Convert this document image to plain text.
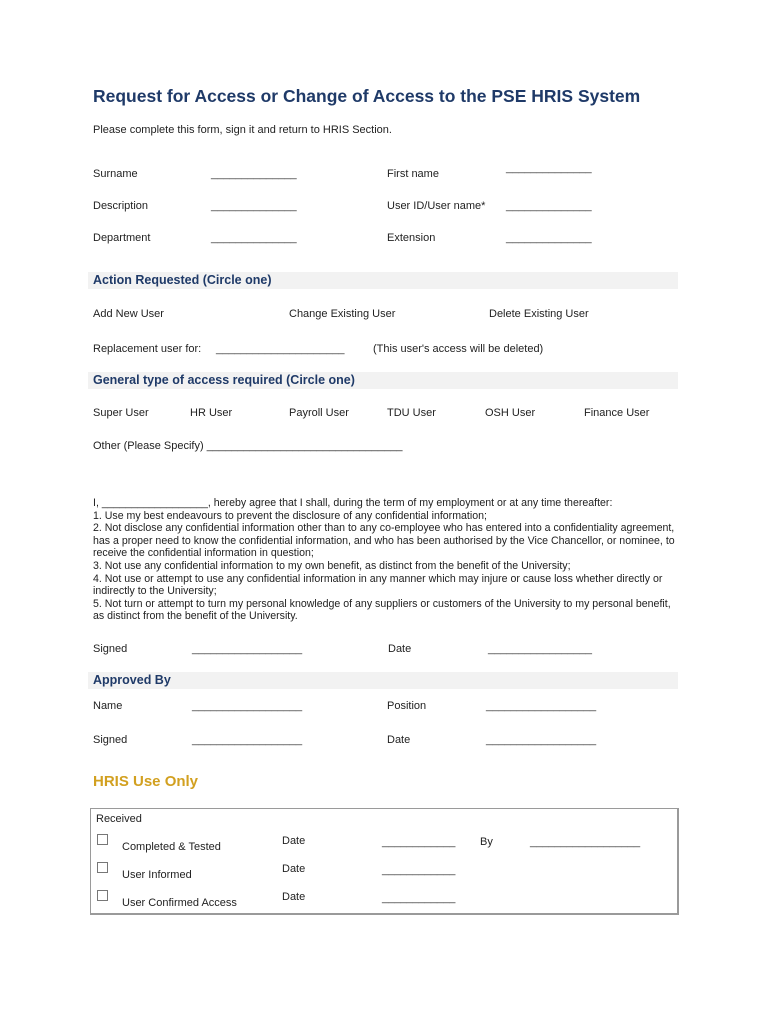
Request for Access or Change of Access to the PSE HRIS System
Please complete this form, sign it and return to HRIS Section.
Surname	______________	First name	______________
Description	______________	User ID/User name* ______________
Department	______________	Extension	______________
Action Requested (Circle one)
Add New User	Change Existing User	Delete Existing User
Replacement user for: _____________________	(This user's access will be deleted)
General type of access required (Circle one)
Super User	HR User	Payroll User	TDU User	OSH User	Finance User
Other (Please Specify) ________________________________

I, __________________, hereby agree that I shall, during the term of my employment or at any time thereafter:

1. Use my best endeavours to prevent the disclosure of any confidential information;

2. Not disclose any confidential information other than to any co-employee who has entered into a confidentiality agreement, has a proper need to know the confidential information, and who has been authorised by the Vice Chancellor, or nominee, to receive the confidential information in question;

3. Not use any confidential information to my own benefit, as distinct from the benefit of the University;

4. Not use or attempt to use any confidential information in any manner which may injure or cause loss whether directly or indirectly to the University;

5. Not turn or attempt to turn my personal knowledge of any suppliers or customers of the University to my personal benefit, as distinct from the benefit of the University.

Signed	__________________	Date	_________________
Approved By
Name	__________________	Position	__________________
Signed	__________________	Date	__________________
HRIS Use Only
Received
Completed & Tested	Date	____________ By	__________________
User Informed	Date	____________
User Confirmed Access	Date	____________
